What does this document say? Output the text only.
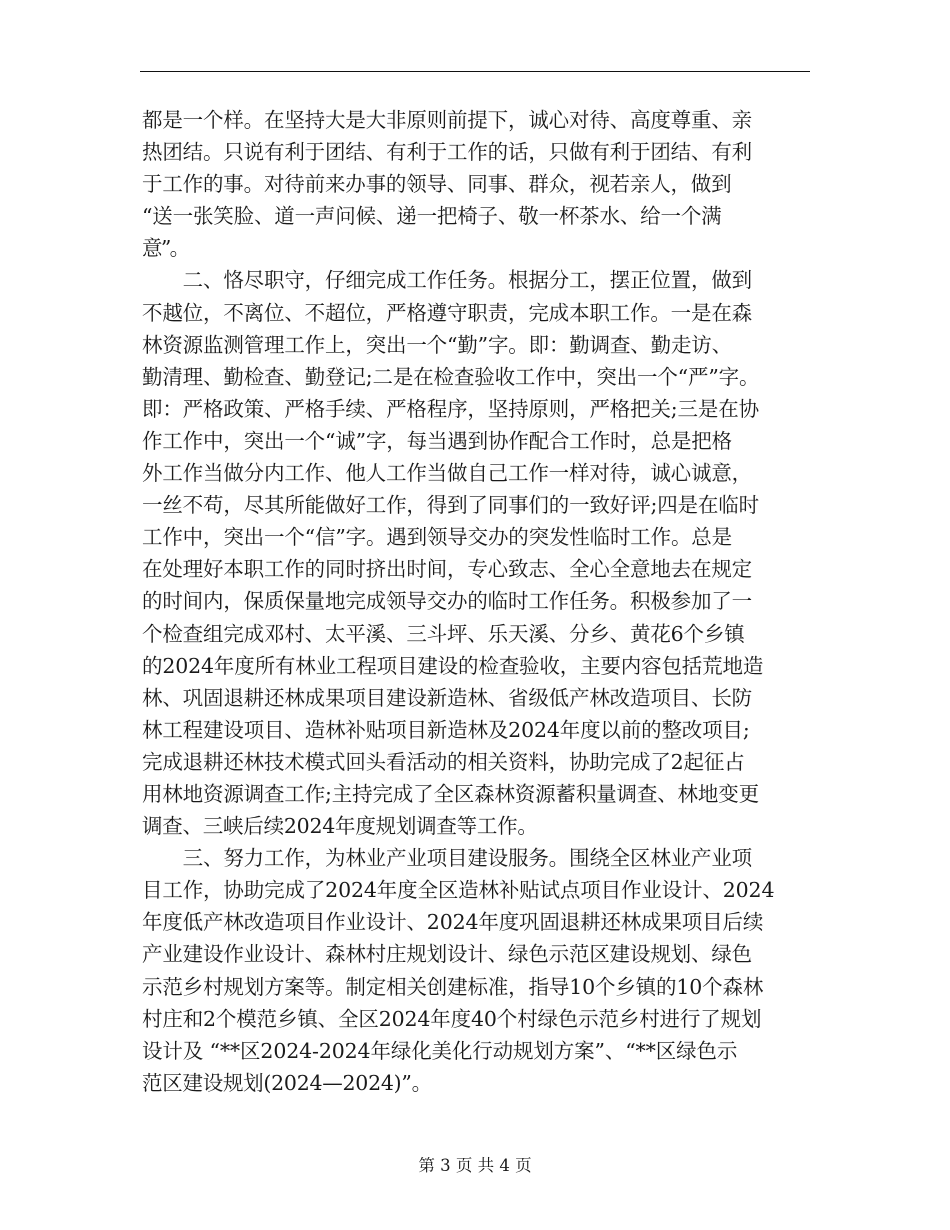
都是一个样。在坚持大是大非原则前提下，诚心对待、高度尊重、亲
热团结。只说有利于团结、有利于工作的话，只做有利于团结、有利
于工作的事。对待前来办事的领导、同事、群众，视若亲人，做到
“送一张笑脸、道一声问候、递一把椅子、敬一杯茶水、给一个满
意”。
　　二、恪尽职守，仔细完成工作任务。根据分工，摆正位置，做到
不越位，不离位、不超位，严格遵守职责，完成本职工作。一是在森
林资源监测管理工作上，突出一个“勤”字。即：勤调查、勤走访、
勤清理、勤检查、勤登记;二是在检查验收工作中，突出一个“严”字。
即：严格政策、严格手续、严格程序，坚持原则，严格把关;三是在协
作工作中，突出一个“诚”字，每当遇到协作配合工作时，总是把格
外工作当做分内工作、他人工作当做自己工作一样对待，诚心诚意，
一丝不苟，尽其所能做好工作，得到了同事们的一致好评;四是在临时
工作中，突出一个“信”字。遇到领导交办的突发性临时工作。总是
在处理好本职工作的同时挤出时间，专心致志、全心全意地去在规定
的时间内，保质保量地完成领导交办的临时工作任务。积极参加了一
个检查组完成邓村、太平溪、三斗坪、乐天溪、分乡、黄花6个乡镇
的2024年度所有林业工程项目建设的检查验收，主要内容包括荒地造
林、巩固退耕还林成果项目建设新造林、省级低产林改造项目、长防
林工程建设项目、造林补贴项目新造林及2024年度以前的整改项目;
完成退耕还林技术模式回头看活动的相关资料，协助完成了2起征占
用林地资源调查工作;主持完成了全区森林资源蓄积量调查、林地变更
调查、三峡后续2024年度规划调查等工作。
　　三、努力工作，为林业产业项目建设服务。围绕全区林业产业项
目工作，协助完成了2024年度全区造林补贴试点项目作业设计、2024
年度低产林改造项目作业设计、2024年度巩固退耕还林成果项目后续
产业建设作业设计、森林村庄规划设计、绿色示范区建设规划、绿色
示范乡村规划方案等。制定相关创建标准，指导10个乡镇的10个森林
村庄和2个模范乡镇、全区2024年度40个村绿色示范乡村进行了规划
设计及 “**区2024-2024年绿化美化行动规划方案”、“**区绿色示
范区建设规划(2024—2024)”。
第 3 页 共 4 页
